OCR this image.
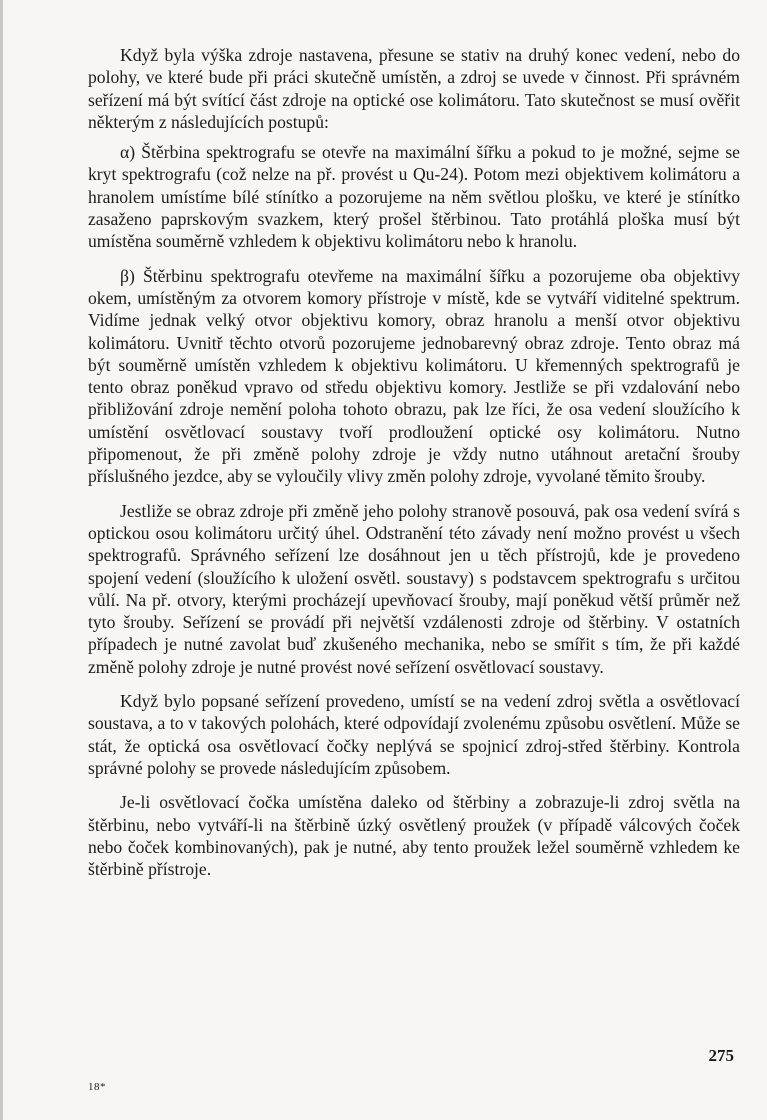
Když byla výška zdroje nastavena, přesune se stativ na druhý konec vedení, nebo do polohy, ve které bude při práci skutečně umístěn, a zdroj se uvede v činnost. Při správném seřízení má být svítící část zdroje na optické ose kolimátoru. Tato skutečnost se musí ověřit některým z následujících postupů:

α) Štěrbina spektrografu se otevře na maximální šířku a pokud to je možné, sejme se kryt spektrografu (což nelze na př. provést u Qu-24). Potom mezi objektivem kolimátoru a hranolem umístíme bílé stínítko a pozorujeme na něm světlou plošku, ve které je stínítko zasaženo paprskovým svazkem, který prošel štěrbinou. Tato protáhlá ploška musí být umístěna souměrně vzhledem k objektivu kolimátoru nebo k hranolu.

β) Štěrbinu spektrografu otevřeme na maximální šířku a pozorujeme oba objektivy okem, umístěným za otvorem komory přístroje v místě, kde se vytváří viditelné spektrum. Vidíme jednak velký otvor objektivu komory, obraz hranolu a menší otvor objektivu kolimátoru. Uvnitř těchto otvorů pozorujeme jednobarevný obraz zdroje. Tento obraz má být souměrně umístěn vzhledem k objektivu kolimátoru. U křemenných spektrografů je tento obraz poněkud vpravo od středu objektivu komory. Jestliže se při vzdalování nebo přibližování zdroje nemění poloha tohoto obrazu, pak lze říci, že osa vedení sloužícího k umístění osvětlovací soustavy tvoří prodloužení optické osy kolimátoru. Nutno připomenout, že při změně polohy zdroje je vždy nutno utáhnout aretační šrouby příslušného jezdce, aby se vyloučily vlivy změn polohy zdroje, vyvolané těmito šrouby.

Jestliže se obraz zdroje při změně jeho polohy stranově posouvá, pak osa vedení svírá s optickou osou kolimátoru určitý úhel. Odstranění této závady není možno provést u všech spektrografů. Správného seřízení lze dosáhnout jen u těch přístrojů, kde je provedeno spojení vedení (sloužícího k uložení osvětl. soustavy) s podstavcem spektrografu s určitou vůlí. Na př. otvory, kterými procházejí upevňovací šrouby, mají poněkud větší průměr než tyto šrouby. Seřízení se provádí při největší vzdálenosti zdroje od štěrbiny. V ostatních případech je nutné zavolat buď zkušeného mechanika, nebo se smířit s tím, že při každé změně polohy zdroje je nutné provést nové seřízení osvětlovací soustavy.

Když bylo popsané seřízení provedeno, umístí se na vedení zdroj světla a osvětlovací soustava, a to v takových polohách, které odpovídají zvolenému způsobu osvětlení. Může se stát, že optická osa osvětlovací čočky neplývá se spojnicí zdroj-střed štěrbiny. Kontrola správné polohy se provede následujícím způsobem.

Je-li osvětlovací čočka umístěna daleko od štěrbiny a zobrazuje-li zdroj světla na štěrbinu, nebo vytváří-li na štěrbině úzký osvětlený proužek (v případě válcových čoček nebo čoček kombinovaných), pak je nutné, aby tento proužek ležel souměrně vzhledem ke štěrbině přístroje.

18*
275
